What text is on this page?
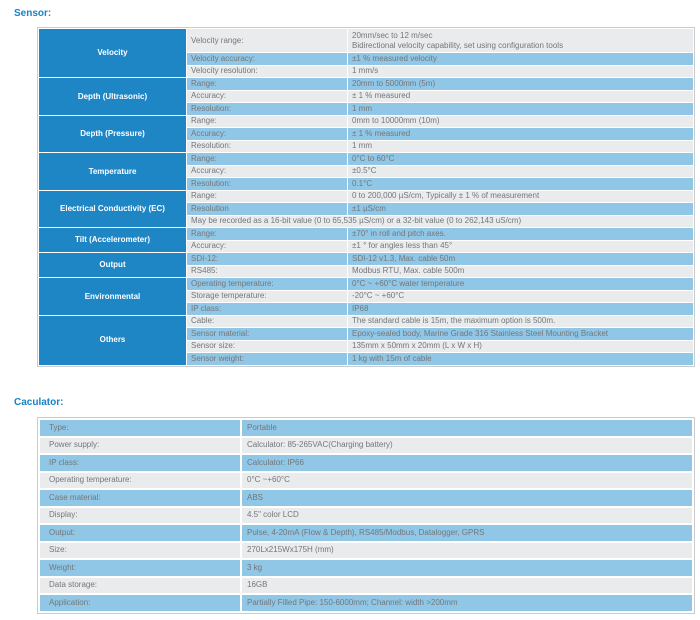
Sensor:
Velocity	Velocity range:	20mm/sec to 12 m/sec
Bidirectional velocity capability, set using configuration tools

	Velocity accuracy:	±1 % measured velocity
	Velocity resolution:	1 mm/s
Depth (Ultrasonic)	Range:	20mm to 5000mm (5m)
	Accuracy:	± 1 % measured
	Resolution:	1 mm
Depth (Pressure)	Range:	0mm to 10000mm (10m)
	Accuracy:	± 1 % measured
	Resolution:	1 mm
Temperature	Range:	0°C to 60°C
	Accuracy:	±0.5°C
	Resolution:	0.1°C
Electrical Conductivity (EC)	Range:	0 to 200,000 µS/cm, Typically ± 1 % of measurement
	Resolution	±1 µS/cm
	May be recorded as a 16-bit value (0 to 65,535 µS/cm) or a 32-bit value (0 to 262,143 uS/cm)	
Tilt (Accelerometer)	Range:	±70° in roll and pitch axes.
	Accuracy:	±1 ° for angles less than 45°
Output	SDI-12:	SDI-12 v1.3, Max. cable 50m
	RS485:	Modbus RTU, Max. cable 500m
Environmental	Operating temperature:	0°C ~ +60°C water temperature
	Storage temperature:	-20°C ~ +60°C
	IP class:	IP68
Others	Cable:	The standard cable is 15m, the maximum option is 500m.
	Sensor material:	Epoxy-sealed body, Marine Grade 316 Stainless Steel Mounting Bracket
	Sensor size:	135mm x 50mm x 20mm (L x W x H)
	Sensor weight:	1 kg with 15m of cable
Caculator:
Type:	Portable
Power supply:	Calculator: 85-265VAC(Charging battery)
IP class:	Calculator: IP66
Operating temperature:	0°C ~+60°C
Case material:	ABS
Display:	4.5" color LCD
Output:	Pulse, 4-20mA (Flow & Depth), RS485/Modbus, Datalogger, GPRS
Size:	270Lx215Wx175H (mm)
Weight:	3 kg
Data storage:	16GB
Application:	Partially Filled Pipe: 150-6000mm; Channel: width >200mm
